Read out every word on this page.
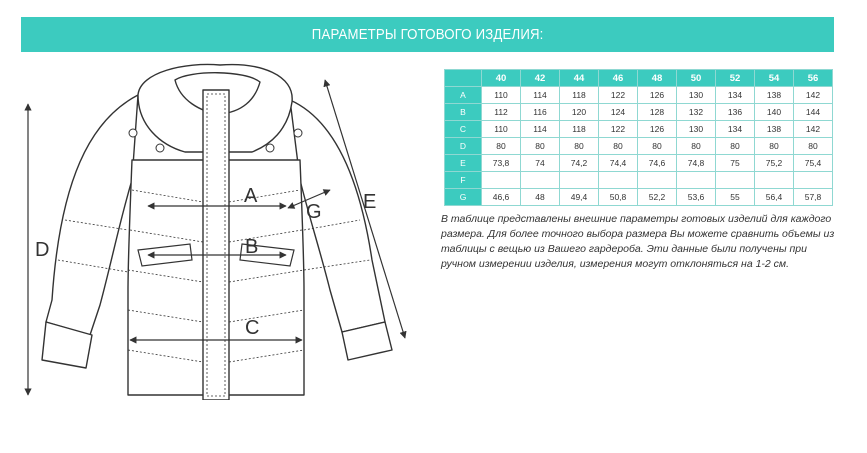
ПАРАМЕТРЫ ГОТОВОГО ИЗДЕЛИЯ:
A
B
C
D
E
G
	40	42	44	46	48	50	52	54	56
A	110	114	118	122	126	130	134	138	142
B	112	116	120	124	128	132	136	140	144
C	110	114	118	122	126	130	134	138	142
D	80	80	80	80	80	80	80	80	80
E	73,8	74	74,2	74,4	74,6	74,8	75	75,2	75,4
F									
G	46,6	48	49,4	50,8	52,2	53,6	55	56,4	57,8
В таблице представлены внешние параметры готовых изделий для каждого размера. Для более точного выбора размера Вы можете сравнить объемы из таблицы с вещью из Вашего гардероба. Эти данные были получены при ручном измерении изделия, измерения могут отклоняться на 1-2 см.
